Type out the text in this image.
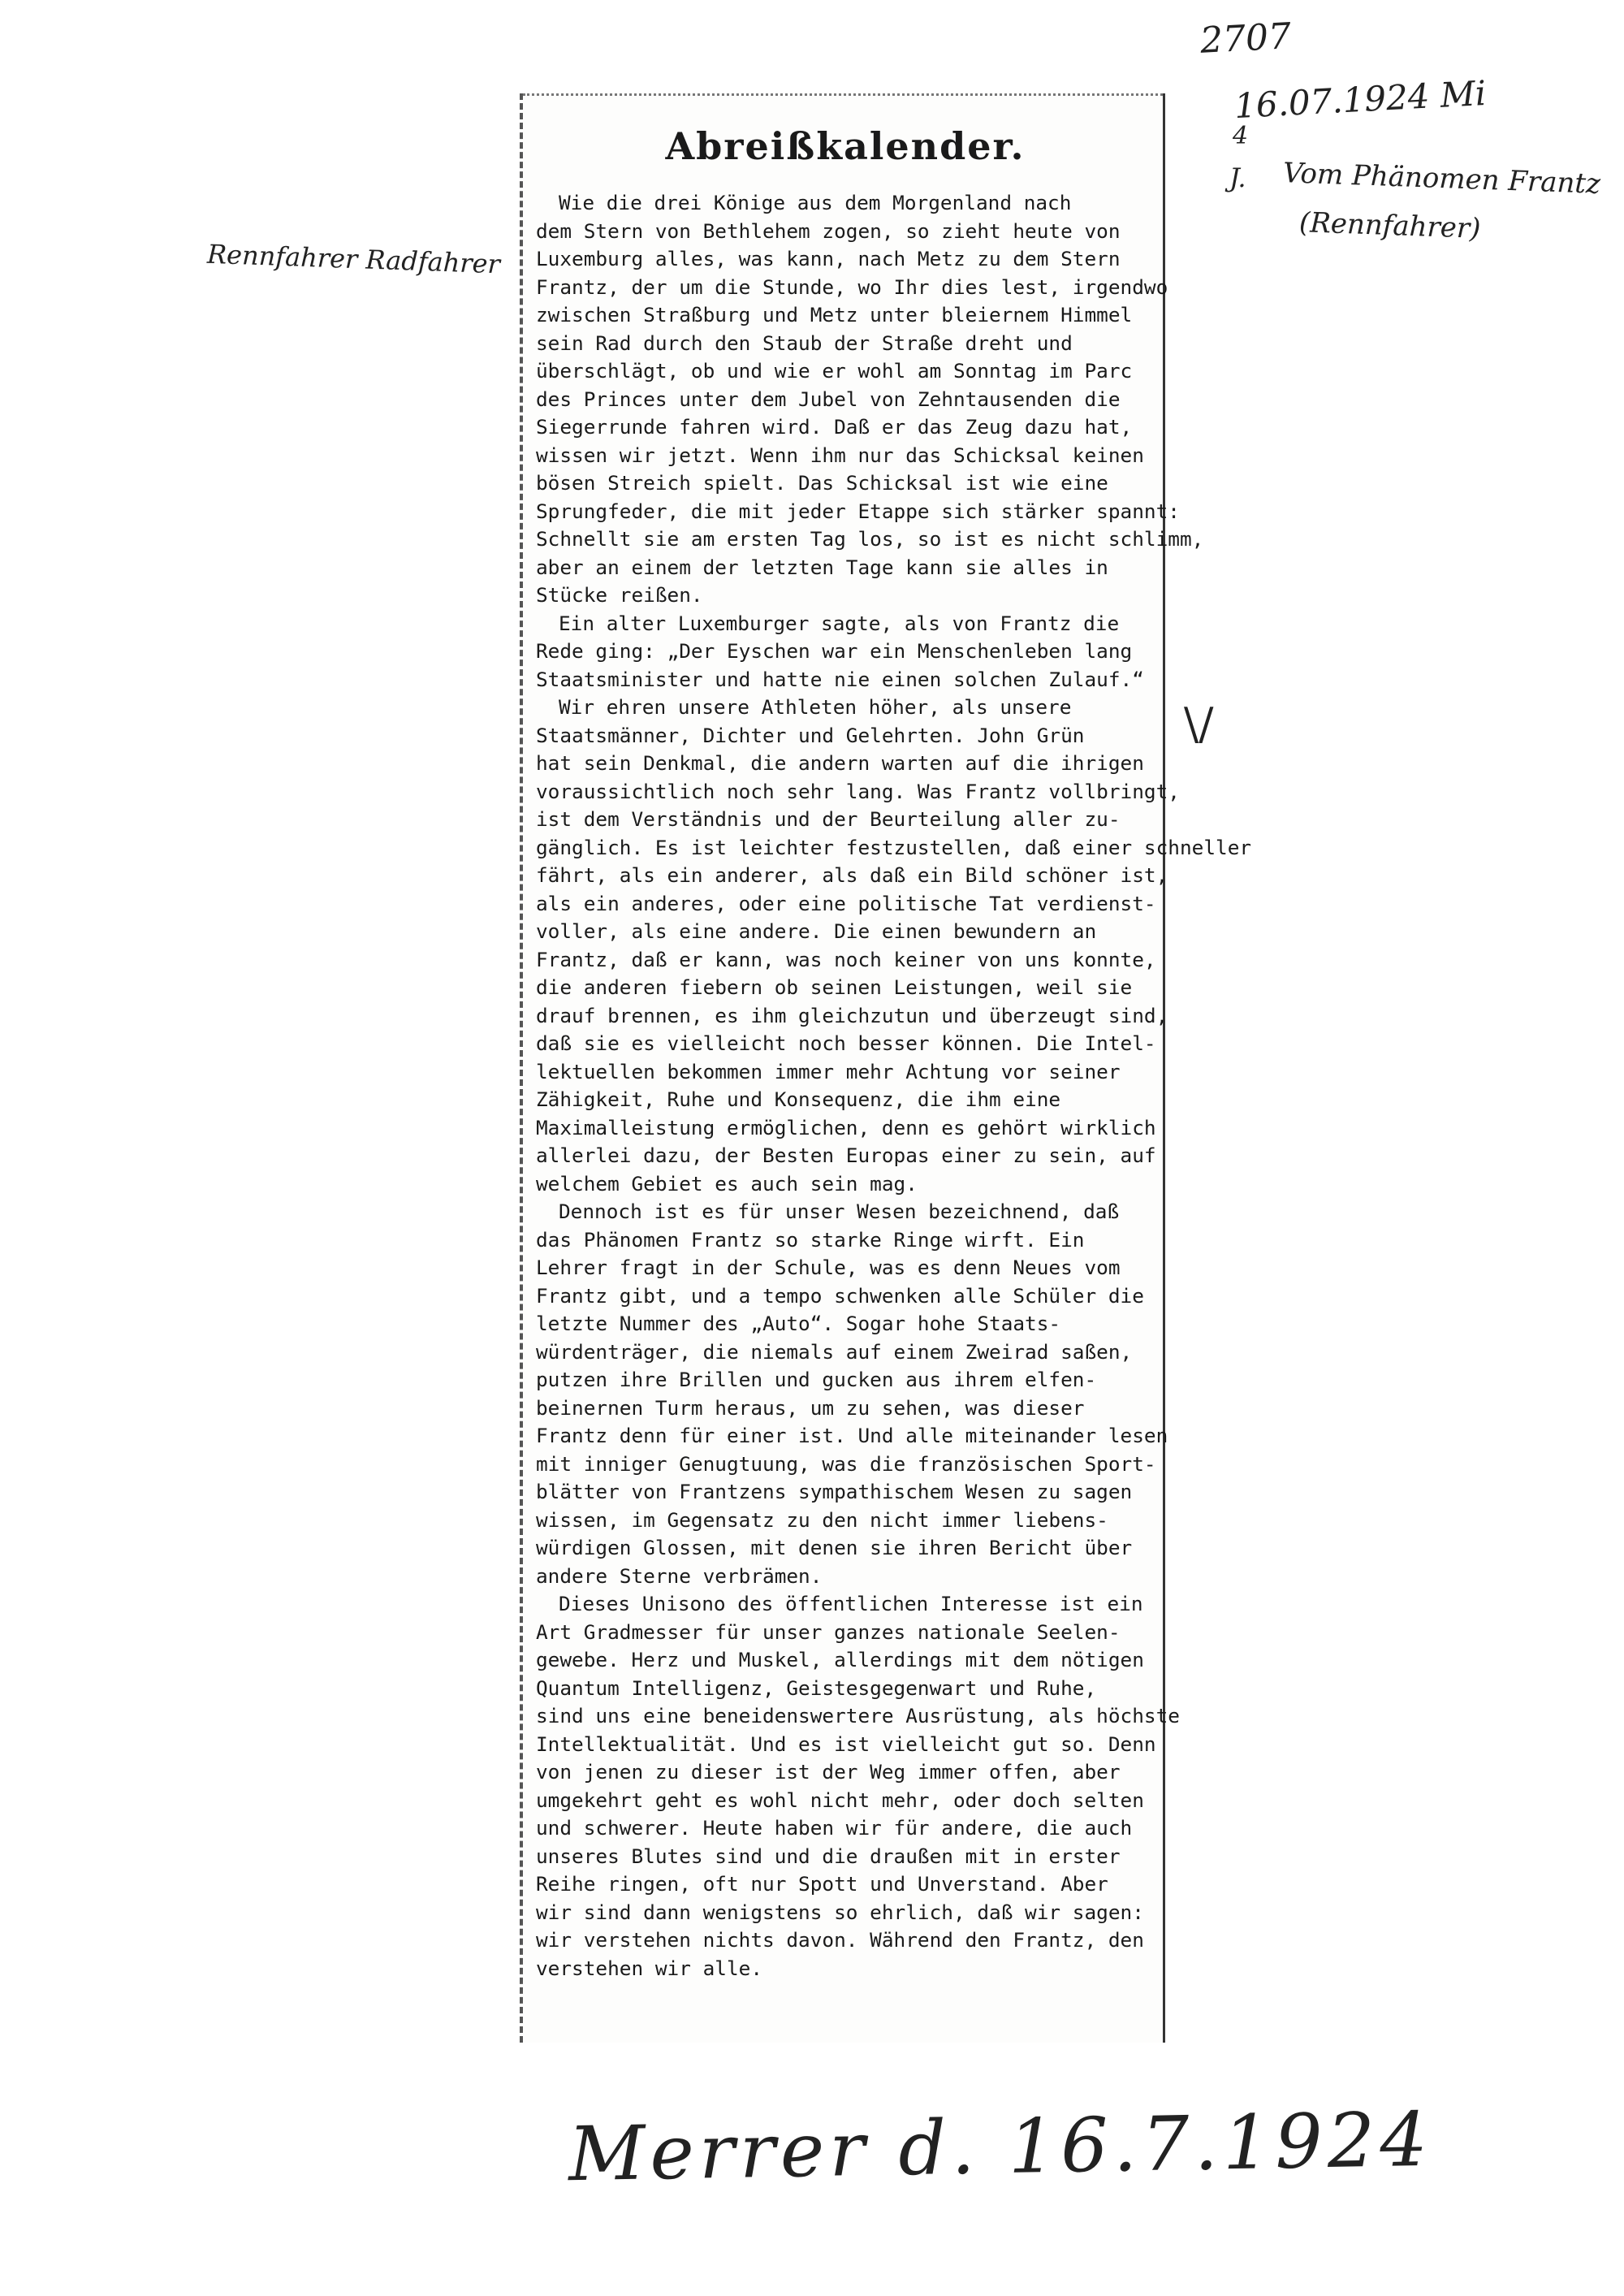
2707
16.07.1924 Mi
4
J. Vom Phänomen Frantz
(Rennfahrer)
Rennfahrer Radfahrer
\/
Abreißkalender.
Wie die drei Könige aus dem Morgenland nach
dem Stern von Bethlehem zogen, so zieht heute von
Luxemburg alles, was kann, nach Metz zu dem Stern
Frantz, der um die Stunde, wo Ihr dies lest, irgendwo
zwischen Straßburg und Metz unter bleiernem Himmel
sein Rad durch den Staub der Straße dreht und
überschlägt, ob und wie er wohl am Sonntag im Parc
des Princes unter dem Jubel von Zehntausenden die
Siegerrunde fahren wird. Daß er das Zeug dazu hat,
wissen wir jetzt. Wenn ihm nur das Schicksal keinen
bösen Streich spielt. Das Schicksal ist wie eine
Sprungfeder, die mit jeder Etappe sich stärker spannt:
Schnellt sie am ersten Tag los, so ist es nicht schlimm,
aber an einem der letzten Tage kann sie alles in
Stücke reißen.
Ein alter Luxemburger sagte, als von Frantz die
Rede ging: „Der Eyschen war ein Menschenleben lang
Staatsminister und hatte nie einen solchen Zulauf.“
Wir ehren unsere Athleten höher, als unsere
Staatsmänner, Dichter und Gelehrten. John Grün
hat sein Denkmal, die andern warten auf die ihrigen
voraussichtlich noch sehr lang. Was Frantz vollbringt,
ist dem Verständnis und der Beurteilung aller zu-
gänglich. Es ist leichter festzustellen, daß einer schneller
fährt, als ein anderer, als daß ein Bild schöner ist,
als ein anderes, oder eine politische Tat verdienst-
voller, als eine andere. Die einen bewundern an
Frantz, daß er kann, was noch keiner von uns konnte,
die anderen fiebern ob seinen Leistungen, weil sie
drauf brennen, es ihm gleichzutun und überzeugt sind,
daß sie es vielleicht noch besser können. Die Intel-
lektuellen bekommen immer mehr Achtung vor seiner
Zähigkeit, Ruhe und Konsequenz, die ihm eine
Maximalleistung ermöglichen, denn es gehört wirklich
allerlei dazu, der Besten Europas einer zu sein, auf
welchem Gebiet es auch sein mag.
Dennoch ist es für unser Wesen bezeichnend, daß
das Phänomen Frantz so starke Ringe wirft. Ein
Lehrer fragt in der Schule, was es denn Neues vom
Frantz gibt, und a tempo schwenken alle Schüler die
letzte Nummer des „Auto“. Sogar hohe Staats-
würdenträger, die niemals auf einem Zweirad saßen,
putzen ihre Brillen und gucken aus ihrem elfen-
beinernen Turm heraus, um zu sehen, was dieser
Frantz denn für einer ist. Und alle miteinander lesen
mit inniger Genugtuung, was die französischen Sport-
blätter von Frantzens sympathischem Wesen zu sagen
wissen, im Gegensatz zu den nicht immer liebens-
würdigen Glossen, mit denen sie ihren Bericht über
andere Sterne verbrämen.
Dieses Unisono des öffentlichen Interesse ist ein
Art Gradmesser für unser ganzes nationale Seelen-
gewebe. Herz und Muskel, allerdings mit dem nötigen
Quantum Intelligenz, Geistesgegenwart und Ruhe,
sind uns eine beneidenswertere Ausrüstung, als höchste
Intellektualität. Und es ist vielleicht gut so. Denn
von jenen zu dieser ist der Weg immer offen, aber
umgekehrt geht es wohl nicht mehr, oder doch selten
und schwerer. Heute haben wir für andere, die auch
unseres Blutes sind und die draußen mit in erster
Reihe ringen, oft nur Spott und Unverstand. Aber
wir sind dann wenigstens so ehrlich, daß wir sagen:
wir verstehen nichts davon. Während den Frantz, den
verstehen wir alle.
Merrer d. 16.7.1924
